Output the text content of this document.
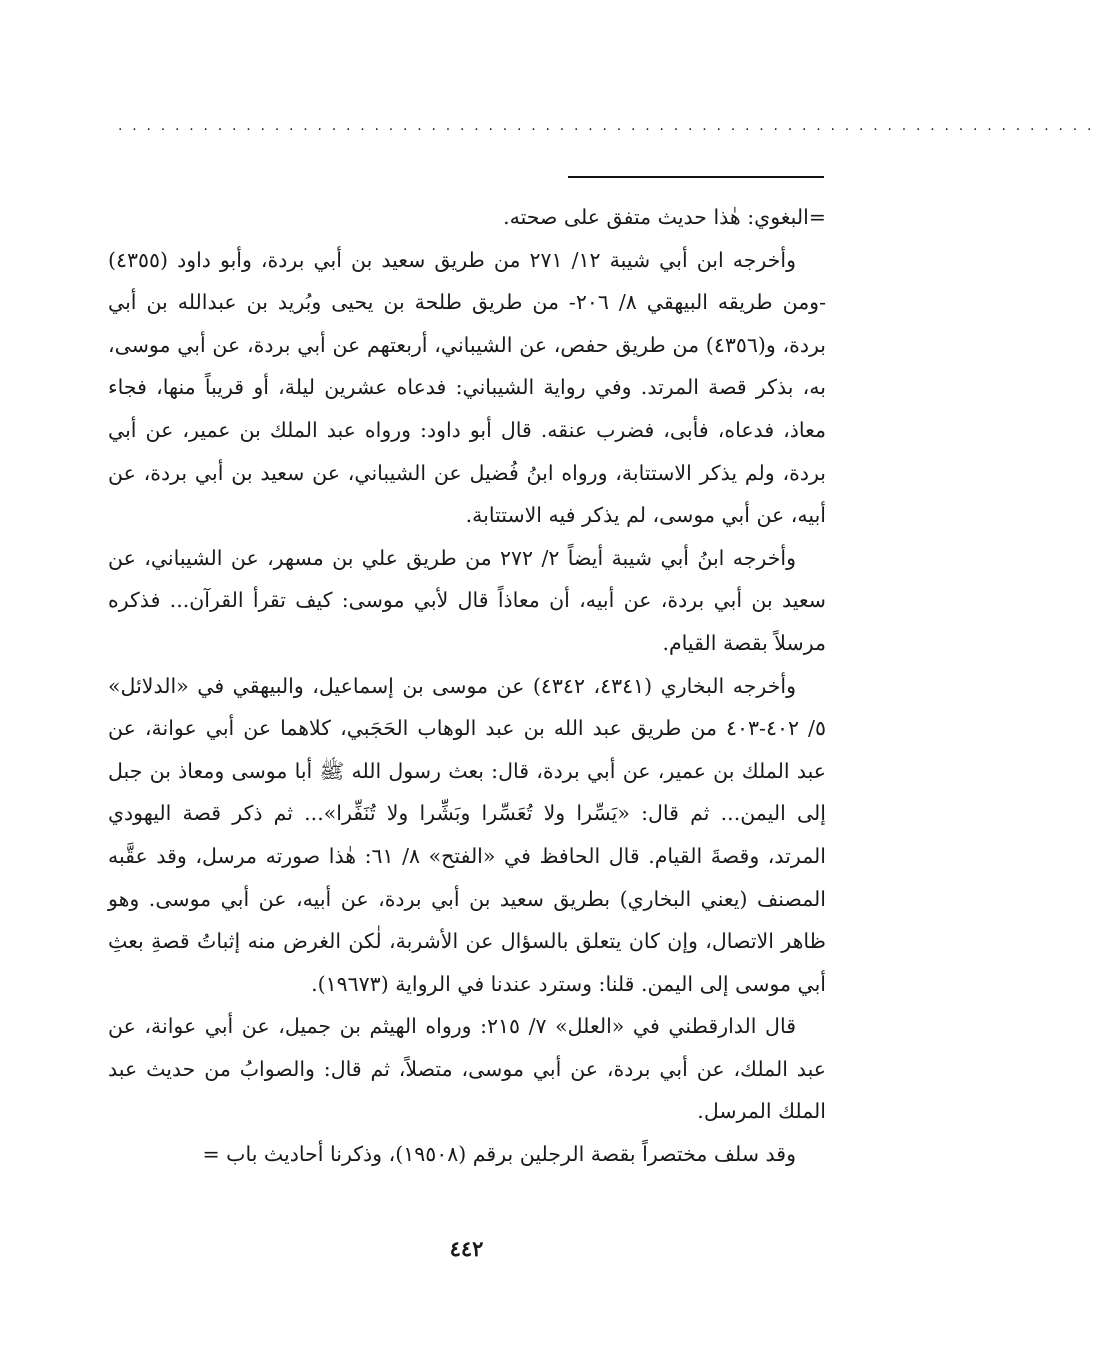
.....................................................................

=البغوي: هٰذا حديث متفق على صحته.

وأخرجه ابن أبي شيبة ١٢/ ٢٧١ من طريق سعيد بن أبي بردة، وأبو داود (٤٣٥٥) -ومن طريقه البيهقي ٨/ ٢٠٦- من طريق طلحة بن يحيى وبُريد بن عبدالله بن أبي بردة، و(٤٣٥٦) من طريق حفص، عن الشيباني، أربعتهم عن أبي بردة، عن أبي موسى، به، بذكر قصة المرتد. وفي رواية الشيباني: فدعاه عشرين ليلة، أو قريباً منها، فجاء معاذ، فدعاه، فأبى، فضرب عنقه. قال أبو داود: ورواه عبد الملك بن عمير، عن أبي بردة، ولم يذكر الاستتابة، ورواه ابنُ فُضيل عن الشيباني، عن سعيد بن أبي بردة، عن أبيه، عن أبي موسى، لم يذكر فيه الاستتابة.

وأخرجه ابنُ أبي شيبة أيضاً ٢/ ٢٧٢ من طريق علي بن مسهر، عن الشيباني، عن سعيد بن أبي بردة، عن أبيه، أن معاذاً قال لأبي موسى: كيف تقرأ القرآن... فذكره مرسلاً بقصة القيام.

وأخرجه البخاري (٤٣٤١، ٤٣٤٢) عن موسى بن إسماعيل، والبيهقي في «الدلائل» ٥/ ٤٠٢-٤٠٣ من طريق عبد الله بن عبد الوهاب الحَجَبي، كلاهما عن أبي عوانة، عن عبد الملك بن عمير، عن أبي بردة، قال: بعث رسول الله ﷺ أبا موسى ومعاذ بن جبل إلى اليمن... ثم قال: «يَسِّرا ولا تُعَسِّرا وبَشِّرا ولا تُنَفِّرا»... ثم ذكر قصة اليهودي المرتد، وقصةَ القيام. قال الحافظ في «الفتح» ٨/ ٦١: هٰذا صورته مرسل، وقد عقَّبه المصنف (يعني البخاري) بطريق سعيد بن أبي بردة، عن أبيه، عن أبي موسى. وهو ظاهر الاتصال، وإن كان يتعلق بالسؤال عن الأشربة، لٰكن الغرض منه إثباتُ قصةِ بعثِ أبي موسى إلى اليمن. قلنا: وسترد عندنا في الرواية (١٩٦٧٣).

قال الدارقطني في «العلل» ٧/ ٢١٥: ورواه الهيثم بن جميل، عن أبي عوانة، عن عبد الملك، عن أبي بردة، عن أبي موسى، متصلاً، ثم قال: والصوابُ من حديث عبد الملك المرسل.

وقد سلف مختصراً بقصة الرجلين برقم (١٩٥٠٨)، وذكرنا أحاديث باب =

٤٤٢
